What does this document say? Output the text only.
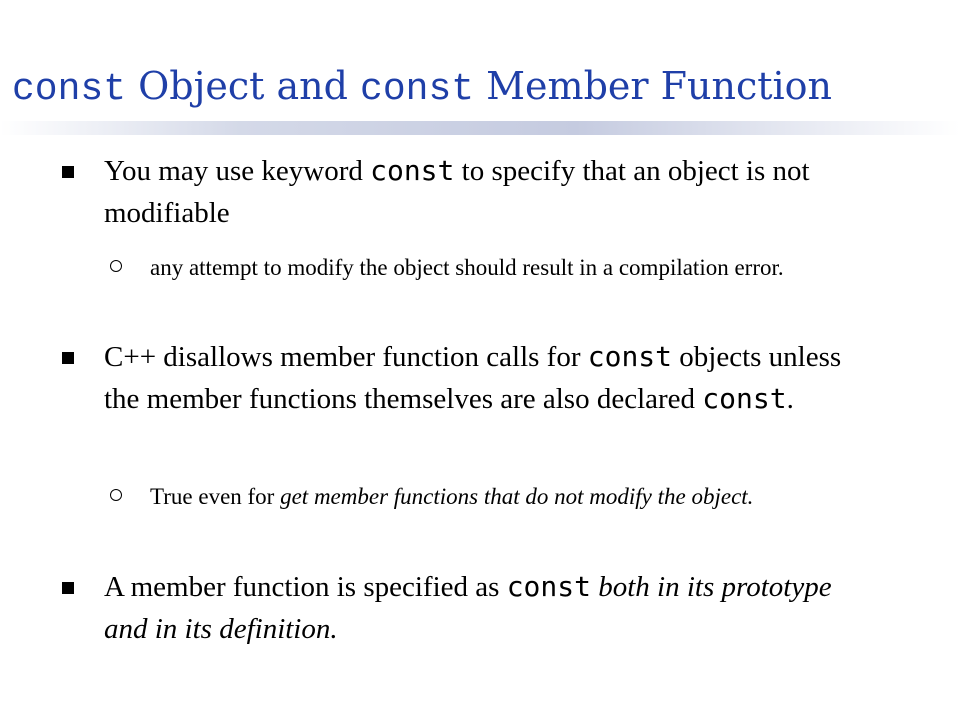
const Object and const Member Function
You may use keyword const to specify that an object is not modifiable
any attempt to modify the object should result in a compilation error.
C++ disallows member function calls for const objects unless the member functions themselves are also declared const.
True even for get member functions that do not modify the object.
A member function is specified as const both in its prototype and in its definition.
